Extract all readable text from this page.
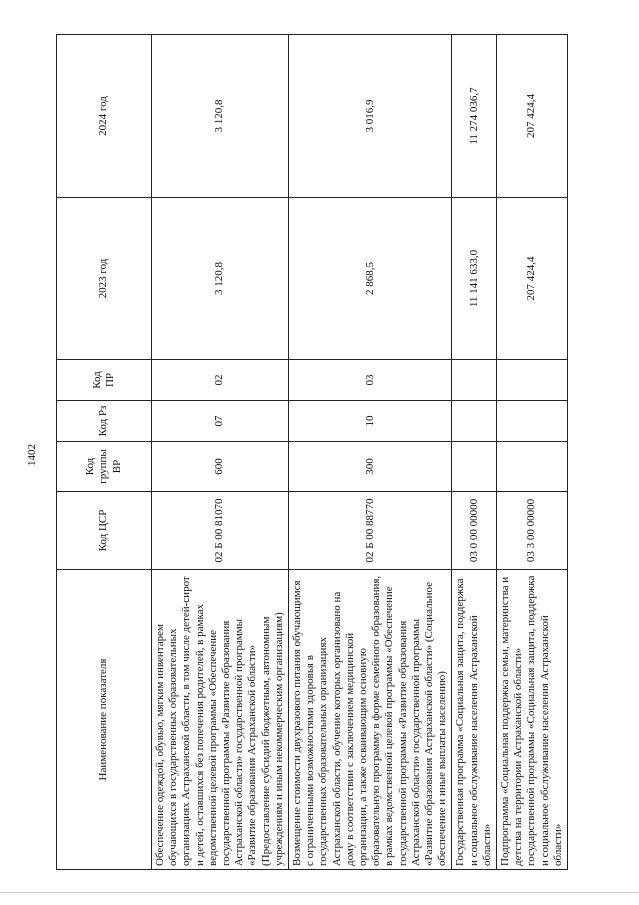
1402
Наименование показателя	Код ЦСР	Код группы ВР	Код Рз	Код ПР	2023 год	2024 год
Обеспечение одеждой, обувью, мягким инвентарем обучающихся в государственных образовательных организациях Астраханской области, в том числе детей-сирот и детей, оставшихся без попечения родителей, в рамках ведомственной целевой программы «Обеспечение государственной программы «Развитие образования Астраханской области» государственной программы «Развитие образования Астраханской области» (Предоставление субсидий бюджетным, автономным учреждениям и иным некоммерческим организациям)	02 Б 00 81070	600	07	02	3 120,8	3 120,8
Возмещение стоимости двухразового питания обучающимся с ограниченными возможностями здоровья в государственных образовательных организациях Астраханской области, обучение которых организовано на дому в соответствии с заключением медицинской организации, а также осваивающим основную образовательную программу в форме семейного образования, в рамках ведомственной целевой программы «Обеспечение государственной программы «Развитие образования Астраханской области» государственной программы «Развитие образования Астраханской области» (Социальное обеспечение и иные выплаты населению)	02 Б 00 88770	300	10	03	2 868,5	3 016,9
Государственная программа «Социальная защита, поддержка и социальное обслуживание населения Астраханской области»	03 0 00 00000				11 141 633,0	11 274 036,7
Подпрограмма «Социальная поддержка семьи, материнства и детства на территории Астраханской области» государственной программы «Социальная защита, поддержка и социальное обслуживание населения Астраханской области»	03 3 00 00000				207 424,4	207 424,4
